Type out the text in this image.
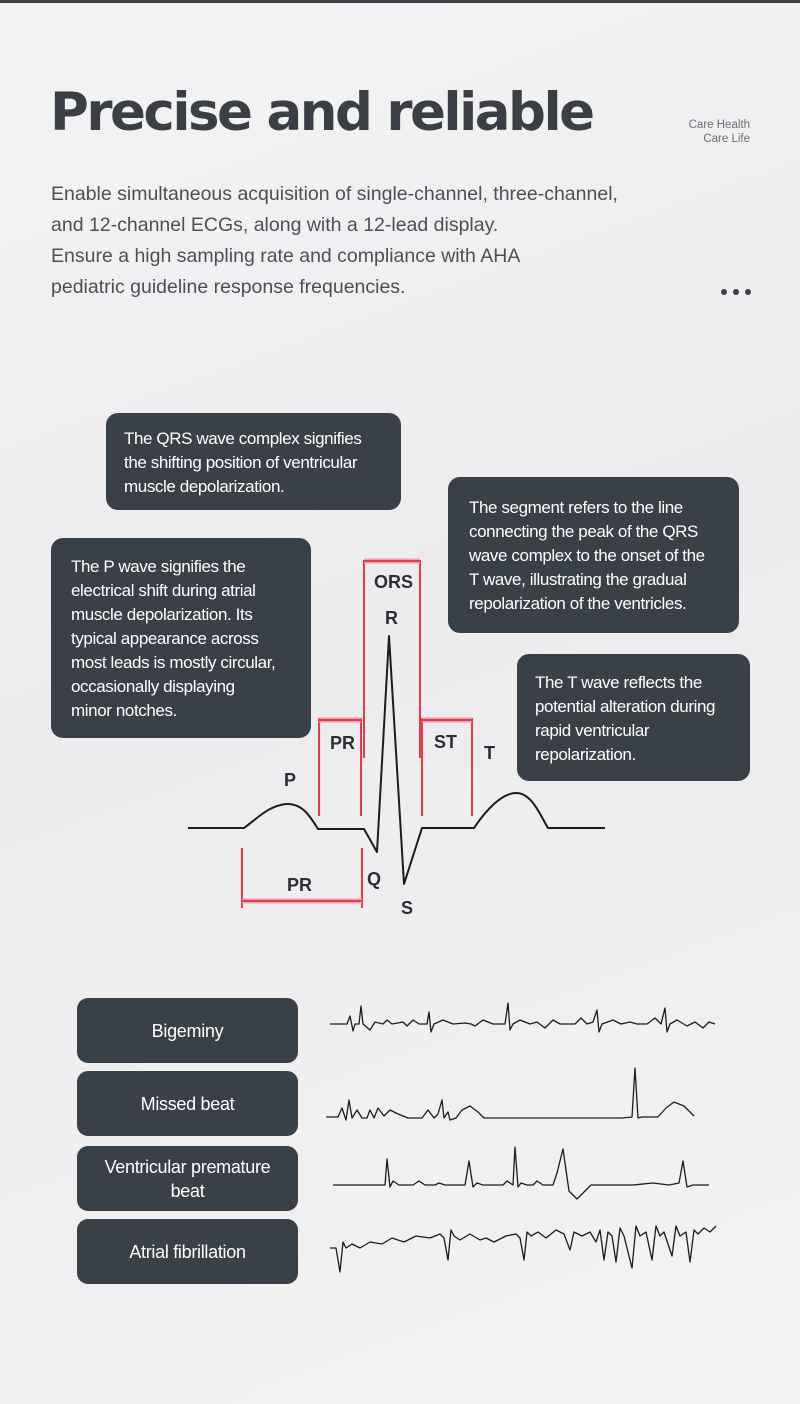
Precise and reliable	Care Health
Care Life
Enable simultaneous acquisition of single-channel, three-channel,
and 12-channel ECGs, along with a 12-lead display.
Ensure a high sampling rate and compliance with AHA
pediatric guideline response frequencies.
The QRS wave complex signifies
the shifting position of ventricular
muscle depolarization.
The segment refers to the line
connecting the peak of the QRS
wave complex to the onset of the
T wave, illustrating the gradual
repolarization of the ventricles.
The P wave signifies the
electrical shift during atrial
muscle depolarization. Its
typical appearance across
most leads is mostly circular,
occasionally displaying
minor notches.
The T wave reflects the
potential alteration during
rapid ventricular
repolarization.
ORS
R
PR	ST
T
P
Q
S
PR
Bigeminy
Missed beat
Ventricular premature
beat
Atrial fibrillation
